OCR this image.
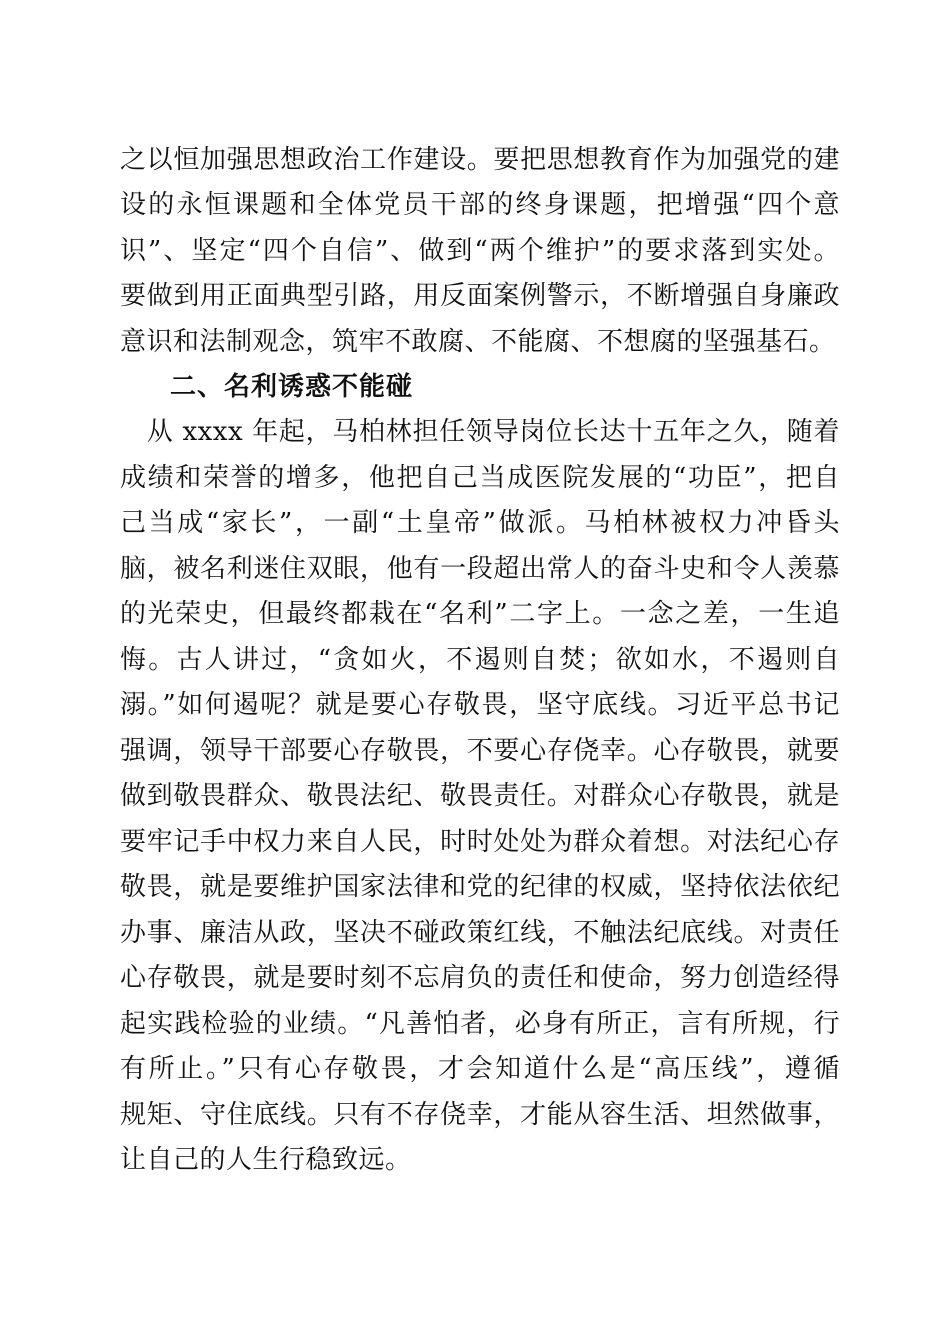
之以恒加强思想政治工作建设。要把思想教育作为加强党的建
设的永恒课题和全体党员干部的终身课题，把增强“四个意
识”、坚定“四个自信”、做到“两个维护”的要求落到实处。
要做到用正面典型引路，用反面案例警示，不断增强自身廉政
意识和法制观念，筑牢不敢腐、不能腐、不想腐的坚强基石。
二、名利诱惑不能碰
　从 xxxx 年起，马柏林担任领导岗位长达十五年之久，随着
成绩和荣誉的增多，他把自己当成医院发展的“功臣”，把自
己当成“家长”，一副“土皇帝”做派。马柏林被权力冲昏头
脑，被名利迷住双眼，他有一段超出常人的奋斗史和令人羡慕
的光荣史，但最终都栽在“名利”二字上。一念之差，一生追
悔。古人讲过，“贪如火，不遏则自焚；欲如水，不遏则自
溺。”如何遏呢？就是要心存敬畏，坚守底线。习近平总书记
强调，领导干部要心存敬畏，不要心存侥幸。心存敬畏，就要
做到敬畏群众、敬畏法纪、敬畏责任。对群众心存敬畏，就是
要牢记手中权力来自人民，时时处处为群众着想。对法纪心存
敬畏，就是要维护国家法律和党的纪律的权威，坚持依法依纪
办事、廉洁从政，坚决不碰政策红线，不触法纪底线。对责任
心存敬畏，就是要时刻不忘肩负的责任和使命，努力创造经得
起实践检验的业绩。“凡善怕者，必身有所正，言有所规，行
有所止。”只有心存敬畏，才会知道什么是“高压线”，遵循
规矩、守住底线。只有不存侥幸，才能从容生活、坦然做事，
让自己的人生行稳致远。
